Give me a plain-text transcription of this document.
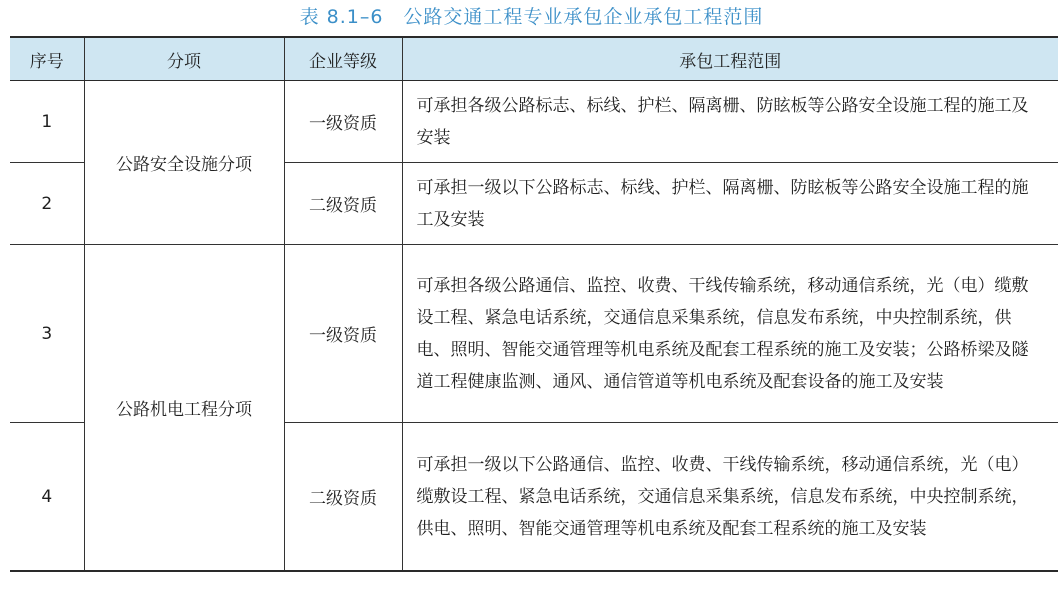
表 8.1–6　公路交通工程专业承包企业承包工程范围
序号	分项	企业等级	承包工程范围
1	公路安全设施分项	一级资质	可承担各级公路标志、标线、护栏、隔离栅、防眩板等公路安全设施工程的施工及安装
2		二级资质	可承担一级以下公路标志、标线、护栏、隔离栅、防眩板等公路安全设施工程的施工及安装
3	公路机电工程分项	一级资质	可承担各级公路通信、监控、收费、干线传输系统，移动通信系统，光（电）缆敷设工程、紧急电话系统，交通信息采集系统，信息发布系统，中央控制系统，供电、照明、智能交通管理等机电系统及配套工程系统的施工及安装；公路桥梁及隧道工程健康监测、通风、通信管道等机电系统及配套设备的施工及安装
4		二级资质	可承担一级以下公路通信、监控、收费、干线传输系统，移动通信系统，光（电）缆敷设工程、紧急电话系统，交通信息采集系统，信息发布系统，中央控制系统，供电、照明、智能交通管理等机电系统及配套工程系统的施工及安装
